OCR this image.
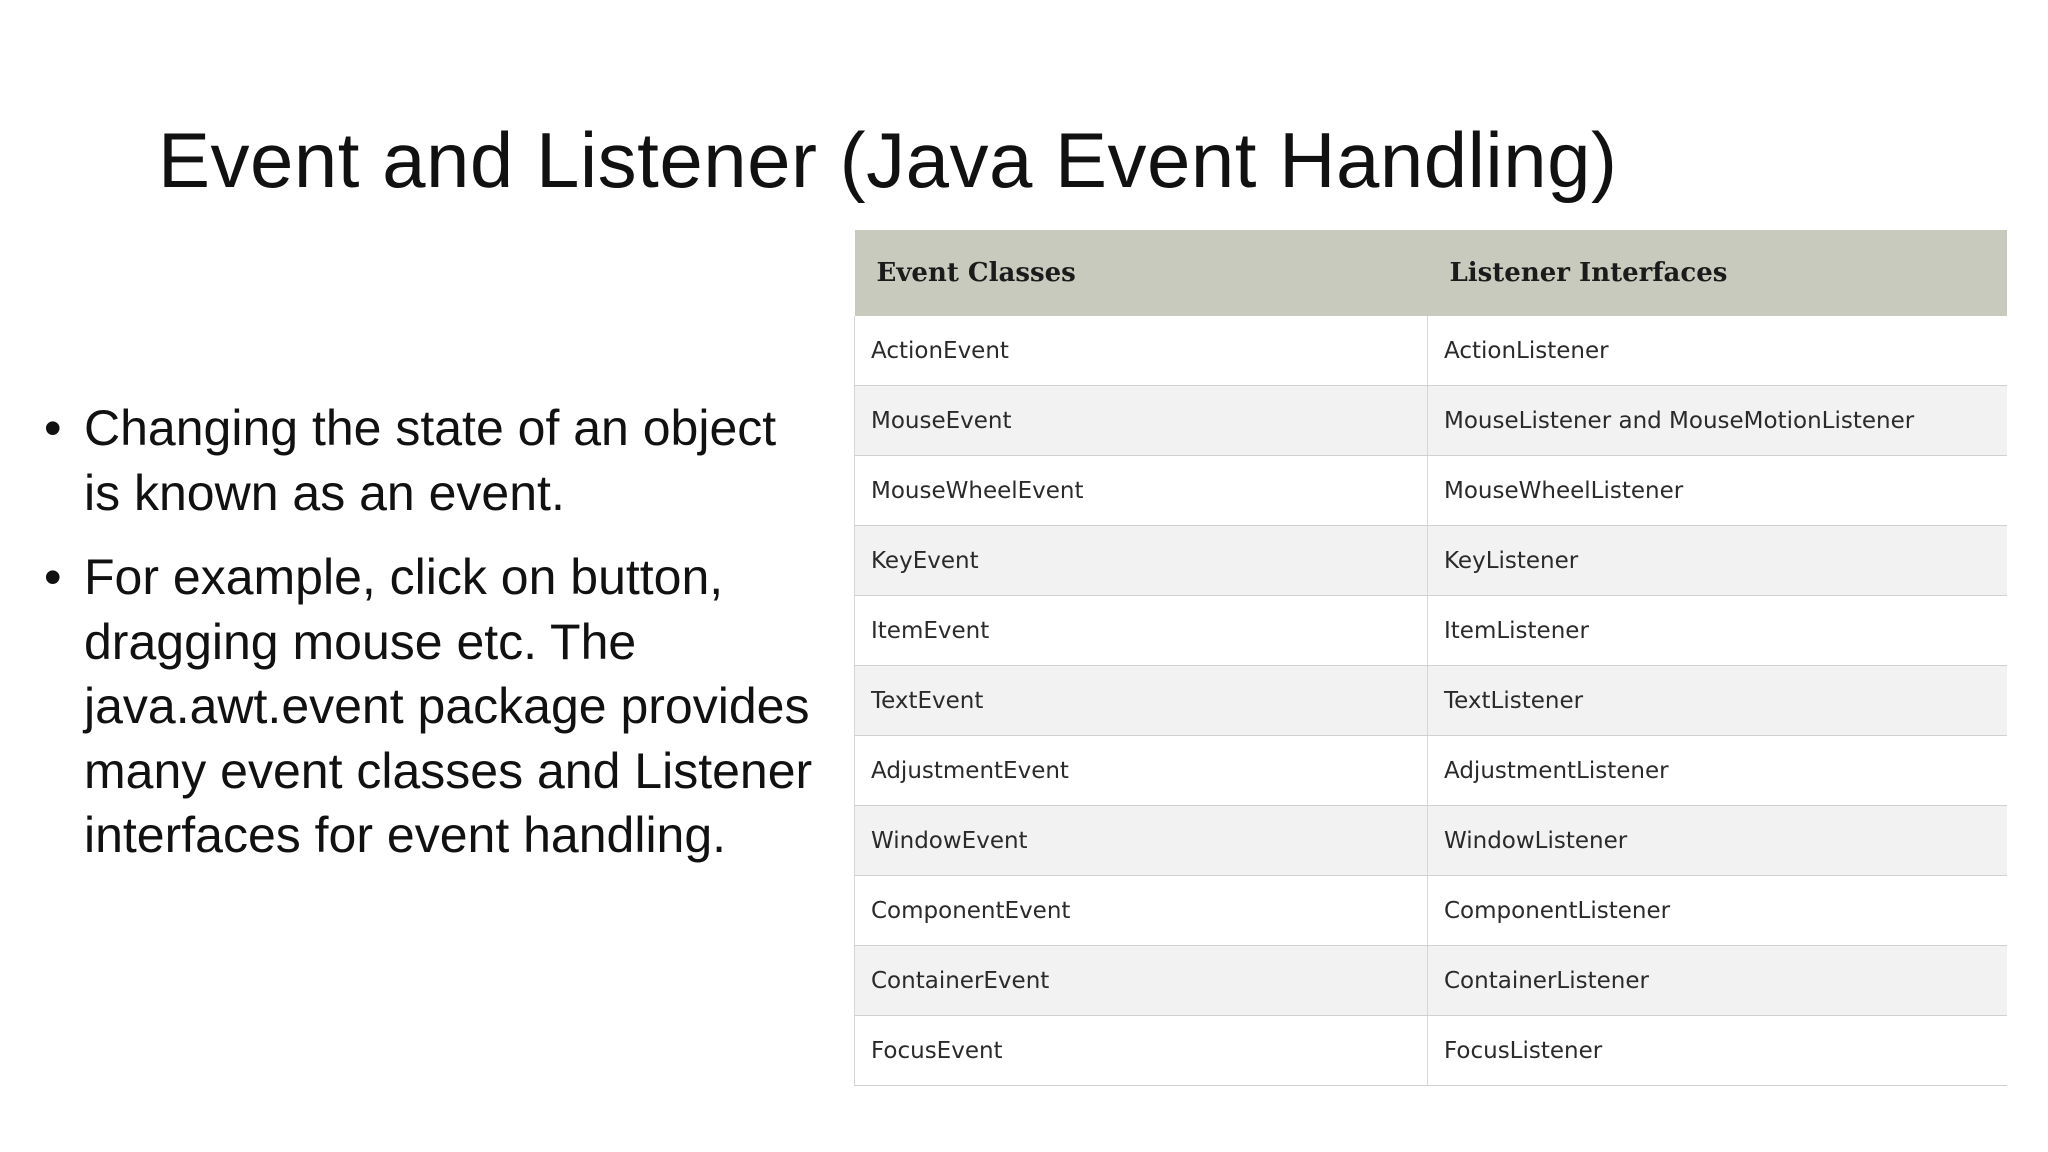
Event and Listener (Java Event Handling)
• Changing the state of an object is known as an event.
• For example, click on button, dragging mouse etc. The java.awt.event package provides many event classes and Listener interfaces for event handling.
Event Classes	Listener Interfaces
ActionEvent	ActionListener
MouseEvent	MouseListener and MouseMotionListener
MouseWheelEvent	MouseWheelListener
KeyEvent	KeyListener
ItemEvent	ItemListener
TextEvent	TextListener
AdjustmentEvent	AdjustmentListener
WindowEvent	WindowListener
ComponentEvent	ComponentListener
ContainerEvent	ContainerListener
FocusEvent	FocusListener
